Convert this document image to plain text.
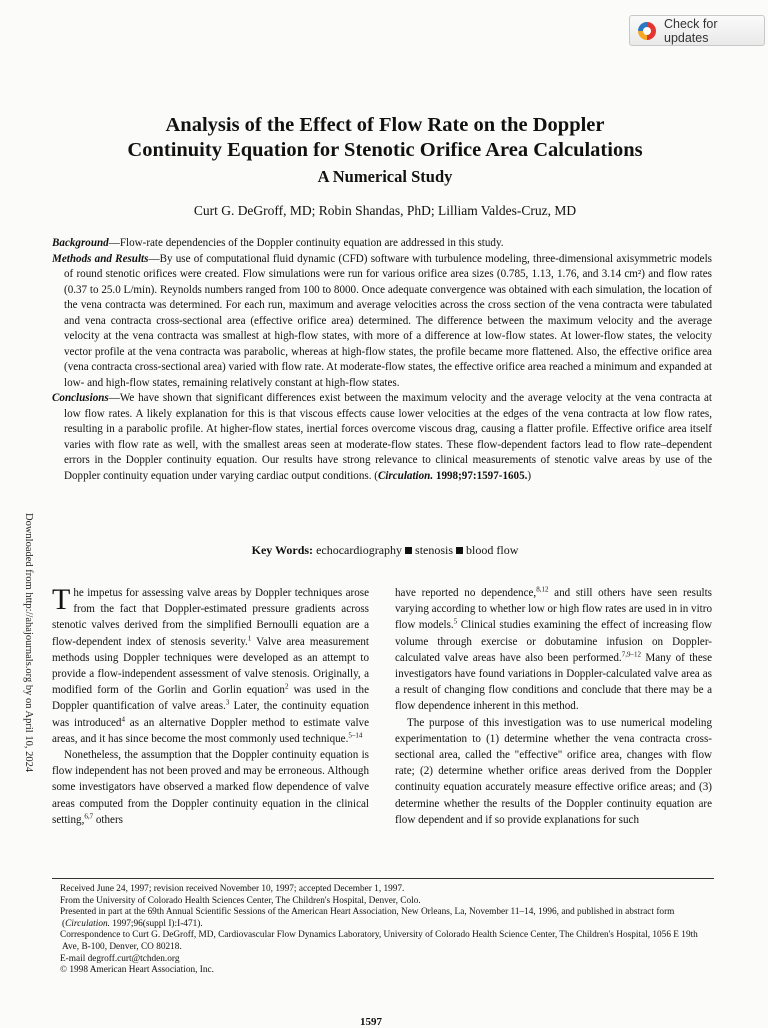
Check for updates
Analysis of the Effect of Flow Rate on the Doppler
Continuity Equation for Stenotic Orifice Area Calculations
A Numerical Study

Curt G. DeGroff, MD; Robin Shandas, PhD; Lilliam Valdes-Cruz, MD

Background—Flow-rate dependencies of the Doppler continuity equation are addressed in this study.

Methods and Results—By use of computational fluid dynamic (CFD) software with turbulence modeling, three-dimensional axisymmetric models of round stenotic orifices were created. Flow simulations were run for various orifice area sizes (0.785, 1.13, 1.76, and 3.14 cm²) and flow rates (0.37 to 25.0 L/min). Reynolds numbers ranged from 100 to 8000. Once adequate convergence was obtained with each simulation, the location of the vena contracta was determined. For each run, maximum and average velocities across the cross section of the vena contracta were tabulated and vena contracta cross-sectional area (effective orifice area) determined. The difference between the maximum velocity and the average velocity at the vena contracta was smallest at high-flow states, with more of a difference at low-flow states. At lower-flow states, the velocity vector profile at the vena contracta was parabolic, whereas at high-flow states, the profile became more flattened. Also, the effective orifice area (vena contracta cross-sectional area) varied with flow rate. At moderate-flow states, the effective orifice area reached a minimum and expanded at low- and high-flow states, remaining relatively constant at high-flow states.

Conclusions—We have shown that significant differences exist between the maximum velocity and the average velocity at the vena contracta at low flow rates. A likely explanation for this is that viscous effects cause lower velocities at the edges of the vena contracta at low flow rates, resulting in a parabolic profile. At higher-flow states, inertial forces overcome viscous drag, causing a flatter profile. Effective orifice area itself varies with flow rate as well, with the smallest areas seen at moderate-flow states. These flow-dependent factors lead to flow rate–dependent errors in the Doppler continuity equation. Our results have strong relevance to clinical measurements of stenotic valve areas by use of the Doppler continuity equation under varying cardiac output conditions. (Circulation. 1998;97:1597-1605.)

Key Words: echocardiography stenosis blood flow

Downloaded from http://ahajournals.org by on April 10, 2024 The impetus for assessing valve areas by Doppler techniques arose from the fact that Doppler-estimated pressure gradients across stenotic valves derived from the simplified Bernoulli equation are a flow-dependent index of stenosis severity.$^1$ Valve area measurement methods using Doppler techniques were developed as an attempt to provide a flow-independent assessment of valve stenosis. Originally, a modified form of the Gorlin and Gorlin equation$^2$ was used in the Doppler quantification of valve areas.$^3$ Later, the continuity equation was introduced$^4$ as an alternative Doppler method to estimate valve areas, and it has since become the most commonly used technique.$^{5-14}$

Nonetheless, the assumption that the Doppler continuity equation is flow independent has not been proved and may be erroneous. Although some investigators have observed a marked flow dependence of valve areas computed from the Doppler continuity equation in the clinical setting,$^{6,7}$ others

have reported no dependence,$^{8,12}$ and still others have seen results varying according to whether low or high flow rates are used in in vitro flow models.$^5$ Clinical studies examining the effect of increasing flow volume through exercise or dobutamine infusion on Doppler-calculated valve areas have also been performed.$^{7,9-12}$ Many of these investigators have found variations in Doppler-calculated valve area as a result of changing flow conditions and conclude that there may be a flow dependence inherent in this method.

The purpose of this investigation was to use numerical modeling experimentation to (1) determine whether the vena contracta cross-sectional area, called the "effective" orifice area, changes with flow rate; (2) determine whether orifice areas derived from the Doppler continuity equation accurately measure effective orifice areas; and (3) determine whether the results of the Doppler continuity equation are flow dependent and if so provide explanations for such

Received June 24, 1997; revision received November 10, 1997; accepted December 1, 1997.

From the University of Colorado Health Sciences Center, The Children's Hospital, Denver, Colo.

Presented in part at the 69th Annual Scientific Sessions of the American Heart Association, New Orleans, La, November 11–14, 1996, and published in abstract form (Circulation. 1997;96(suppl I):I-471).

Correspondence to Curt G. DeGroff, MD, Cardiovascular Flow Dynamics Laboratory, University of Colorado Health Science Center, The Children's Hospital, 1056 E 19th Ave, B-100, Denver, CO 80218.

E-mail degroff.curt@tchden.org

© 1998 American Heart Association, Inc.

1597
